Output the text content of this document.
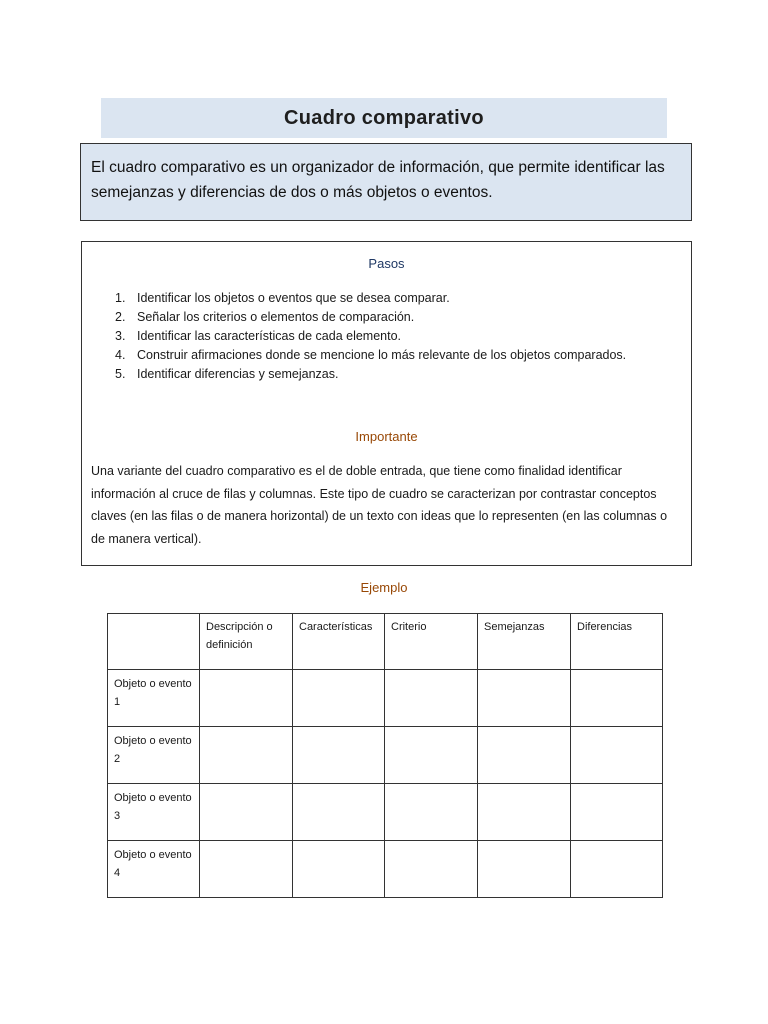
Cuadro comparativo
El cuadro comparativo es un organizador de información, que permite identificar las semejanzas y diferencias de dos o más objetos o eventos.
Pasos
1. Identificar los objetos o eventos que se desea comparar.
2. Señalar los criterios o elementos de comparación.
3. Identificar las características de cada elemento.
4. Construir afirmaciones donde se mencione lo más relevante de los objetos comparados.
5. Identificar diferencias y semejanzas.
Importante
Una variante del cuadro comparativo es el de doble entrada, que tiene como finalidad identificar información al cruce de filas y columnas. Este tipo de cuadro se caracterizan por contrastar conceptos claves (en las filas o de manera horizontal) de un texto con ideas que lo representen (en las columnas o de manera vertical).
Ejemplo
	Descripción o definición	Características	Criterio	Semejanzas	Diferencias
Objeto o evento 1					
Objeto o evento 2					
Objeto o evento 3					
Objeto o evento 4					
